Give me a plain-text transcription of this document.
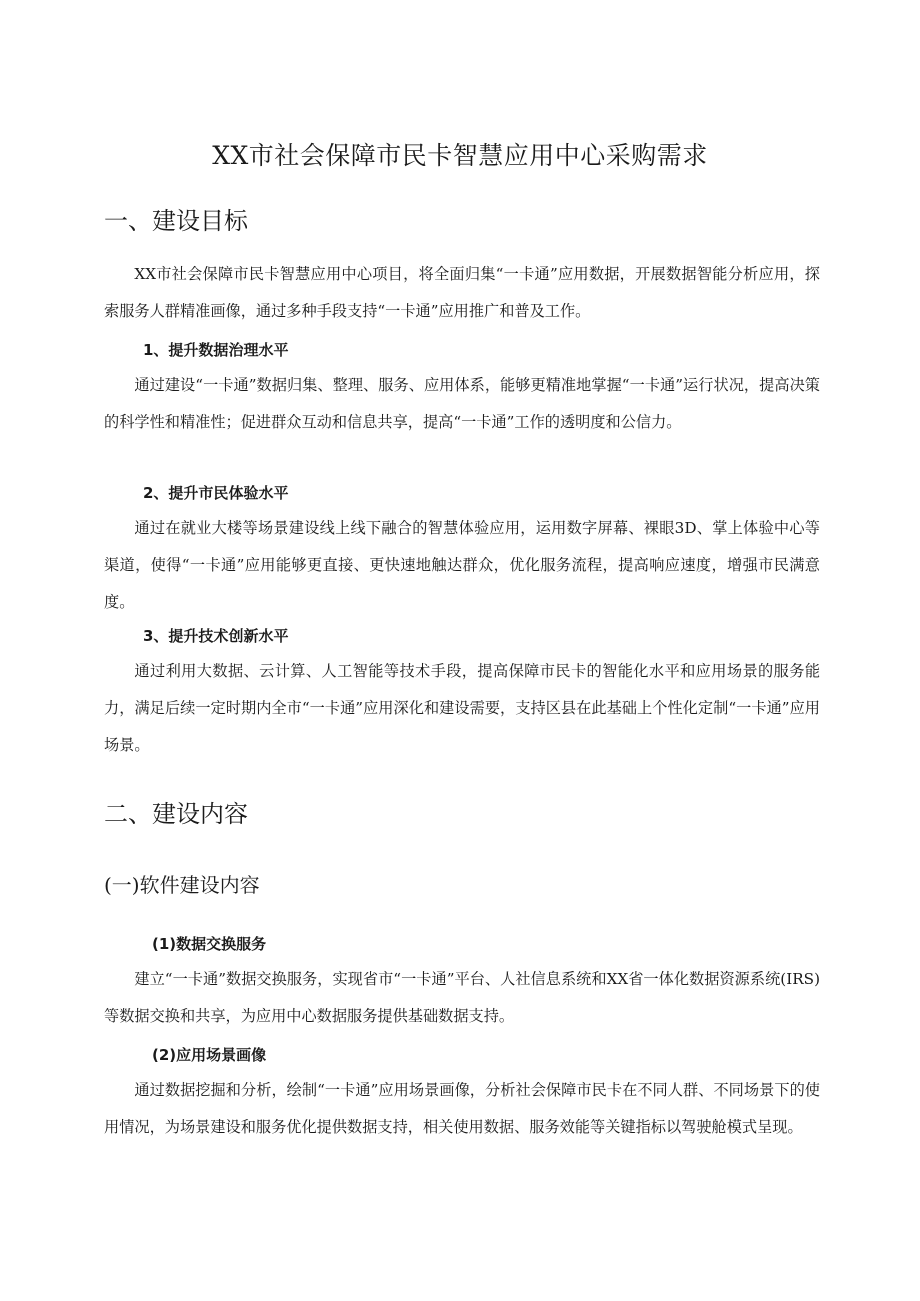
XX市社会保障市民卡智慧应用中心采购需求
一、建设目标

XX市社会保障市民卡智慧应用中心项目，将全面归集“一卡通”应用数据，开展数据智能分析应用，探索服务人群精准画像，通过多种手段支持“一卡通”应用推广和普及工作。

1、提升数据治理水平

通过建设“一卡通”数据归集、整理、服务、应用体系，能够更精准地掌握“一卡通”运行状况，提高决策的科学性和精准性；促进群众互动和信息共享，提高“一卡通”工作的透明度和公信力。

2、提升市民体验水平

通过在就业大楼等场景建设线上线下融合的智慧体验应用，运用数字屏幕、裸眼3D、掌上体验中心等渠道，使得“一卡通”应用能够更直接、更快速地触达群众，优化服务流程，提高响应速度，增强市民满意度。

3、提升技术创新水平

通过利用大数据、云计算、人工智能等技术手段，提高保障市民卡的智能化水平和应用场景的服务能力，满足后续一定时期内全市“一卡通”应用深化和建设需要，支持区县在此基础上个性化定制“一卡通”应用场景。

二、建设内容
(一)软件建设内容
(1)数据交换服务

建立“一卡通”数据交换服务，实现省市“一卡通”平台、人社信息系统和XX省一体化数据资源系统(IRS)等数据交换和共享，为应用中心数据服务提供基础数据支持。

(2)应用场景画像

通过数据挖掘和分析，绘制“一卡通”应用场景画像，分析社会保障市民卡在不同人群、不同场景下的使用情况，为场景建设和服务优化提供数据支持，相关使用数据、服务效能等关键指标以驾驶舱模式呈现。
